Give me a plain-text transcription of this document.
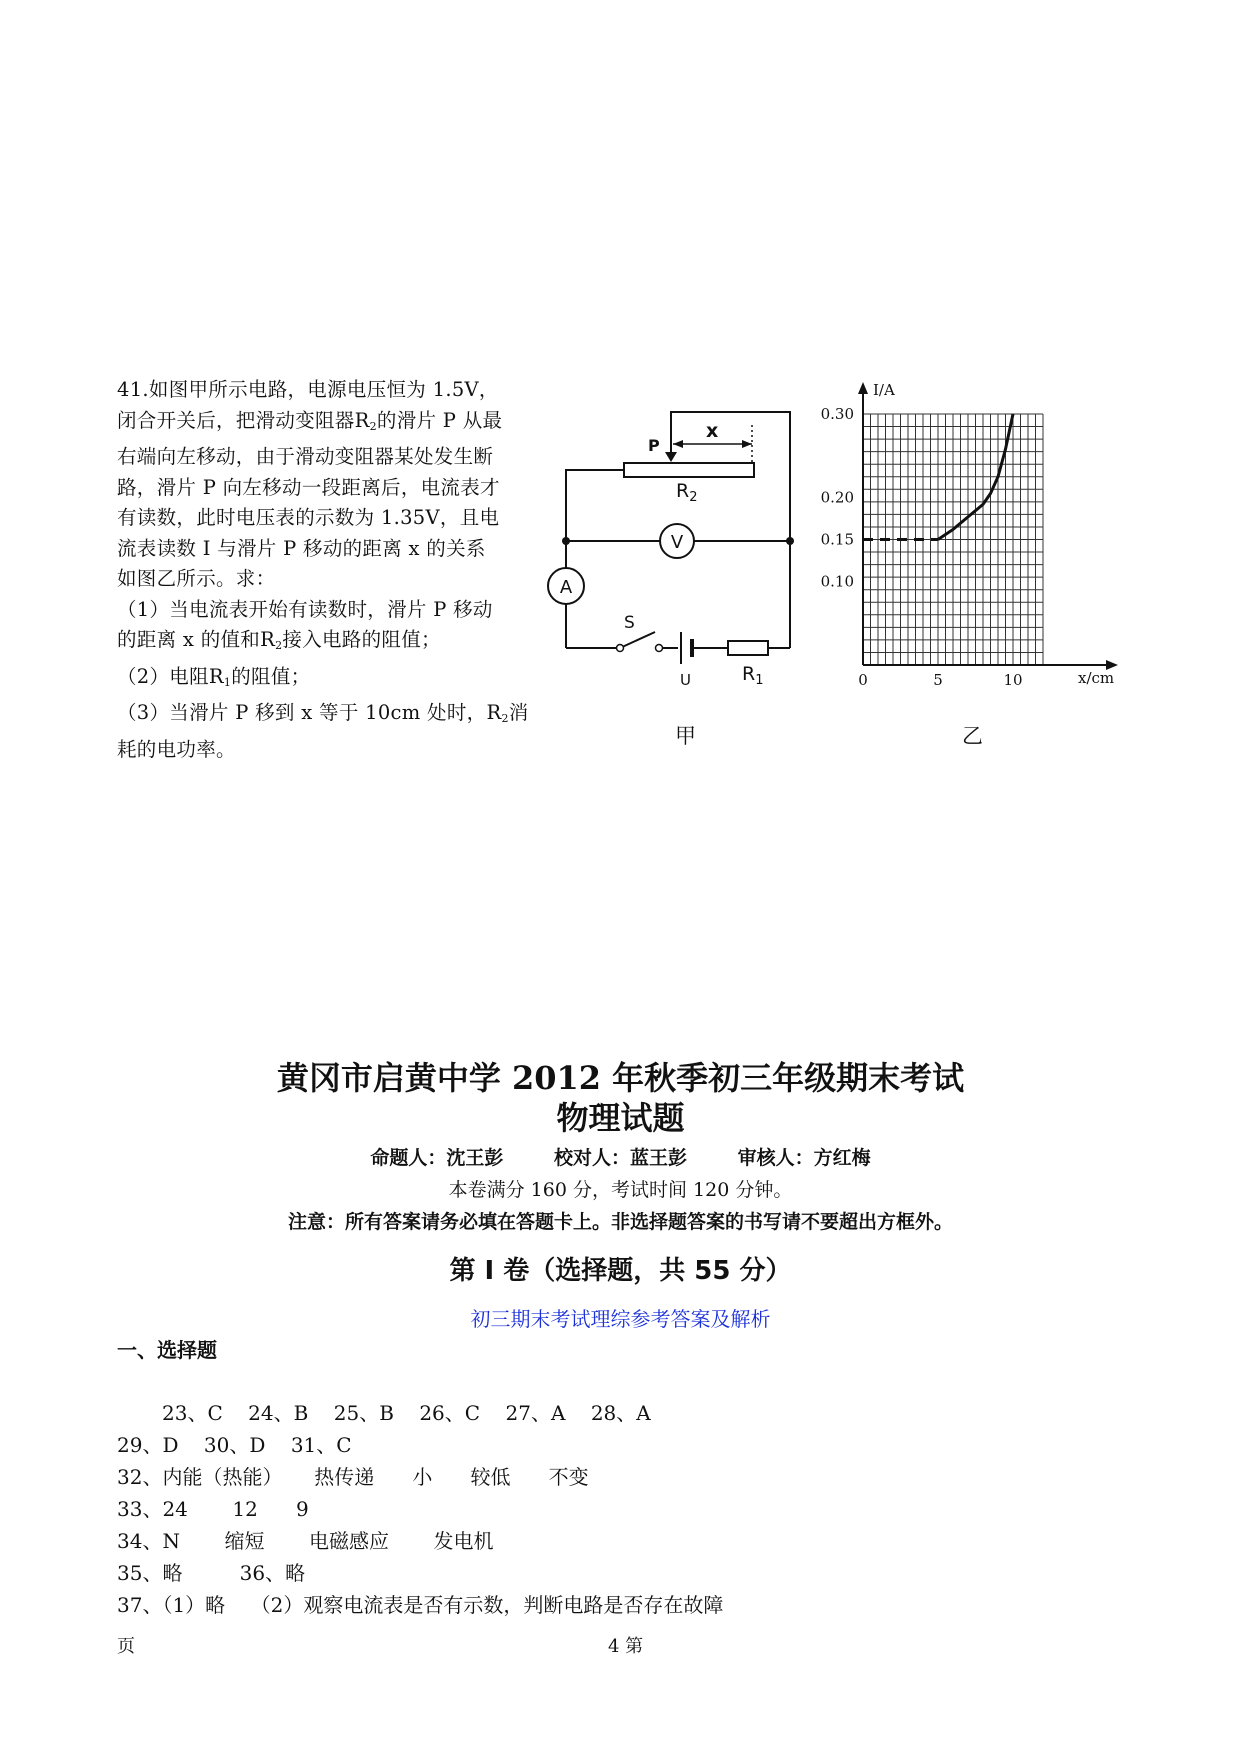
41.如图甲所示电路，电源电压恒为 1.5V，
闭合开关后，把滑动变阻器$R_2$的滑片 P 从最
右端向左移动，由于滑动变阻器某处发生断
路，滑片 P 向左移动一段距离后，电流表才
有读数，此时电压表的示数为 1.35V，且电
流表读数 I 与滑片 P 移动的距离 x 的关系
如图乙所示。求：
（1）当电流表开始有读数时，滑片 P 移动
的距离 x 的值和$R_2$接入电路的阻值；
（2）电阻$R_1$的阻值；
（3）当滑片 P 移到 x 等于 10cm 处时，$R_2$消
耗的电功率。
x
P
$R_2$
V
A
S
U	$R_1$
甲
I/A
x/cm
0	5	10
0.10
0.15
0.20
0.30
乙
黄冈市启黄中学 2012 年秋季初三年级期末考试
物理试题
命题人：沈王彭	校对人：蓝王彭	审核人：方红梅
本卷满分 160 分，考试时间 120 分钟。
注意：所有答案请务必填在答题卡上。非选择题答案的书写请不要超出方框外。
第 I 卷（选择题，共 55 分）
初三期末考试理综参考答案及解析
一、选择题
23、C    24、B    25、B    26、C    27、A    28、A
29、D    30、D    31、C
32、内能（热能）     热传递      小      较低      不变
33、24       12      9
34、N       缩短       电磁感应       发电机
35、略         36、略
37、（1）略    （2）观察电流表是否有示数，判断电路是否存在故障
页	4 第
